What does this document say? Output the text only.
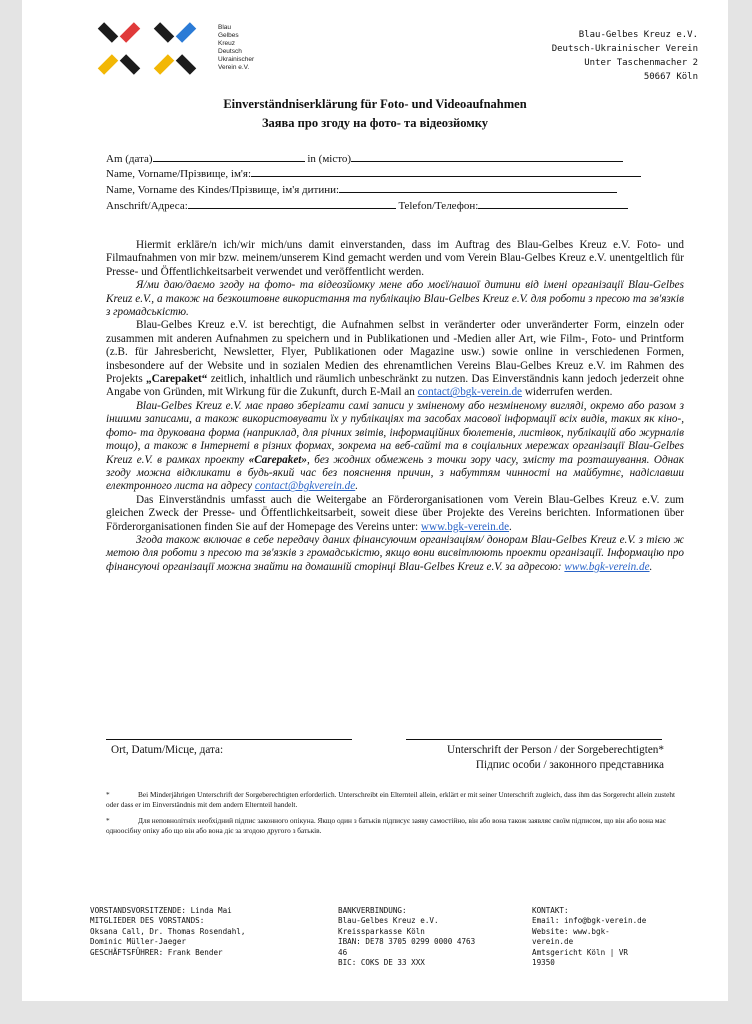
Blau
Gelbes
Kreuz
Deutsch
Ukrainischer
Verein e.V.
Blau-Gelbes Kreuz e.V.
Deutsch-Ukrainischer Verein
Unter Taschenmacher 2
50667 Köln
Einverständniserklärung für Foto- und Videoaufnahmen
Заява про згоду на фото- та відеозйомку
Am (дата)	in (місто)
Name, Vorname/Прізвище, ім'я:
Name, Vorname des Kindes/Прізвище, ім'я дитини:
Anschrift/Адреса:	Telefon/Телефон:

Hiermit erkläre/n ich/wir mich/uns damit einverstanden, dass im Auftrag des Blau-Gelbes Kreuz e.V. Foto- und Filmaufnahmen von mir bzw. meinem/unserem Kind gemacht werden und vom Verein Blau-Gelbes Kreuz e.V. unentgeltlich für Presse- und Öffentlichkeitsarbeit verwendet und veröffentlicht werden.

Я/ми даю/даємо згоду на фото- та відеозйомку мене або моєї/нашої дитини від імені організації Blau-Gelbes Kreuz e.V., а також на безкоштовне використання та публікацію Blau-Gelbes Kreuz e.V. для роботи з пресою та зв'язків з громадськістю.

Blau-Gelbes Kreuz e.V. ist berechtigt, die Aufnahmen selbst in veränderter oder unveränderter Form, einzeln oder zusammen mit anderen Aufnahmen zu speichern und in Publikationen und -Medien aller Art, wie Film-, Foto- und Printform (z.B. für Jahresbericht, Newsletter, Flyer, Publikationen oder Magazine usw.) sowie online in verschiedenen Formen, insbesondere auf der Website und in sozialen Medien des ehrenamtlichen Vereins Blau-Gelbes Kreuz e.V. im Rahmen des Projekts „Carepaket“ zeitlich, inhaltlich und räumlich unbeschränkt zu nutzen. Das Einverständnis kann jedoch jederzeit ohne Angabe von Gründen, mit Wirkung für die Zukunft, durch E-Mail an contact@bgk-verein.de widerrufen werden.

Blau-Gelbes Kreuz e.V. має право зберігати самі записи у зміненому або незміненому вигляді, окремо або разом з іншими записами, а також використовувати їх у публікаціях та засобах масової інформації всіх видів, таких як кіно-, фото- та друкована форма (наприклад, для річних звітів, інформаційних бюлетенів, листівок, публікацій або журналів тощо), а також в Інтернеті в різних формах, зокрема на веб-сайті та в соціальних мережах організації Blau-Gelbes Kreuz e.V. в рамках проекту «Carepaket», без жодних обмежень з точки зору часу, змісту та розташування. Однак згоду можна відкликати в будь-який час без пояснення причин, з набуттям чинності на майбутнє, надіславши електронного листа на адресу contact@bgkverein.de.

Das Einverständnis umfasst auch die Weitergabe an Förderorganisationen vom Verein Blau-Gelbes Kreuz e.V. zum gleichen Zweck der Presse- und Öffentlichkeitsarbeit, soweit diese über Projekte des Vereins berichten. Informationen über Förderorganisationen finden Sie auf der Homepage des Vereins unter: www.bgk-verein.de.

Згода також включає в себе передачу даних фінансуючим організаціям/ донорам Blau-Gelbes Kreuz e.V. з тією ж метою для роботи з пресою та зв'язків з громадськістю, якщо вони висвітлюють проекти організації. Інформацію про фінансуючі організації можна знайти на домашній сторінці Blau-Gelbes Kreuz e.V. за адресою: www.bgk-verein.de.

Ort, Datum/Місце, дата:	Unterschrift der Person / der Sorgeberechtigten*
Підпис особи / законного представника

*	Bei Minderjährigen Unterschrift der Sorgeberechtigten erforderlich. Unterschreibt ein Elternteil allein, erklärt er mit seiner Unterschrift zugleich, dass ihm das Sorgerecht allein zusteht oder dass er im Einverständnis mit dem andern Elternteil handelt.

*	Для неповнолітніх необхідний підпис законного опікуна. Якщо один з батьків підписує заяву самостійно, він або вона також заявляє своїм підписом, що він або вона має одноосібну опіку або що він або вона діє за згодою другого з батьків.

VORSTANDSVORSITZENDE: Linda Mai
MITGLIEDER DES VORSTANDS:
Oksana Call, Dr. Thomas Rosendahl,
Dominic Müller-Jaeger
GESCHÄFTSFÜHRER: Frank Bender
BANKVERBINDUNG:
Blau-Gelbes Kreuz e.V.
Kreissparkasse Köln
IBAN: DE78 3705 0299 0000 4763
46
BIC: COKS DE 33 XXX
KONTAKT:
Email: info@bgk-verein.de
Website: www.bgk-
verein.de
Amtsgericht Köln | VR
19350
